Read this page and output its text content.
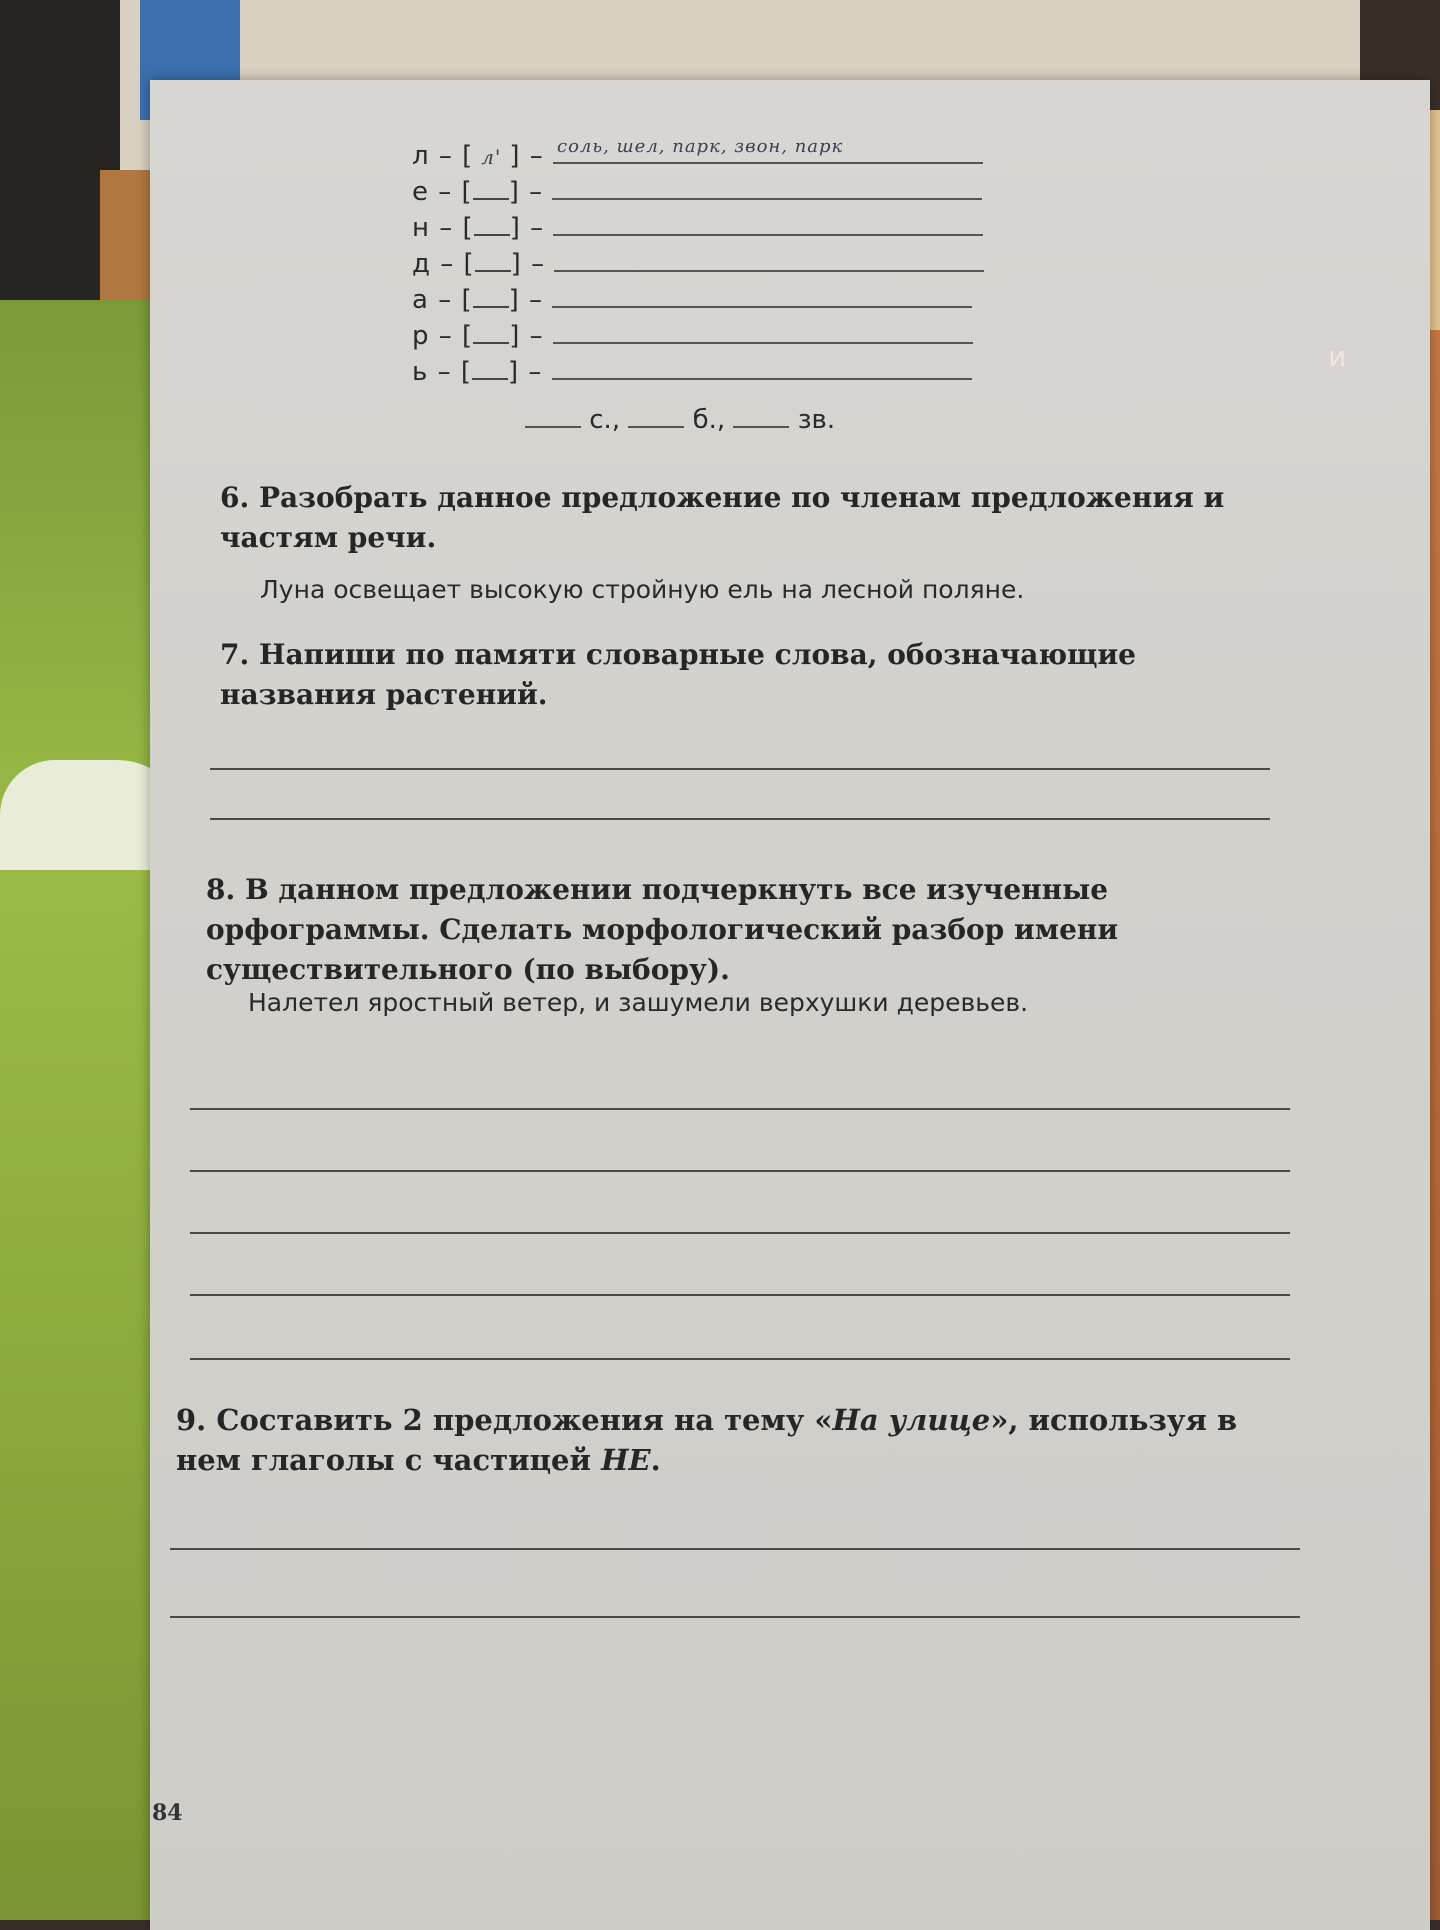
л – [ л' ] – соль, шел, парк, звон, парк
е – [ ] –
н – [ ] –
д – [ ] –
а – [ ] –
р – [ ] –
ь – [ ] –
с.,	б.,	зв.
6. Разобрать данное предложение по членам предложения и частям речи.
Луна освещает высокую стройную ель на лесной поляне.
7. Напиши по памяти словарные слова, обозначающие названия растений.
8. В данном предложении подчеркнуть все изученные орфограммы. Сделать морфологический разбор имени существительного (по выбору).
Налетел яростный ветер, и зашумели верхушки деревьев.
9. Составить 2 предложения на тему «На улице», используя в нем глаголы с частицей НЕ.
84
и
